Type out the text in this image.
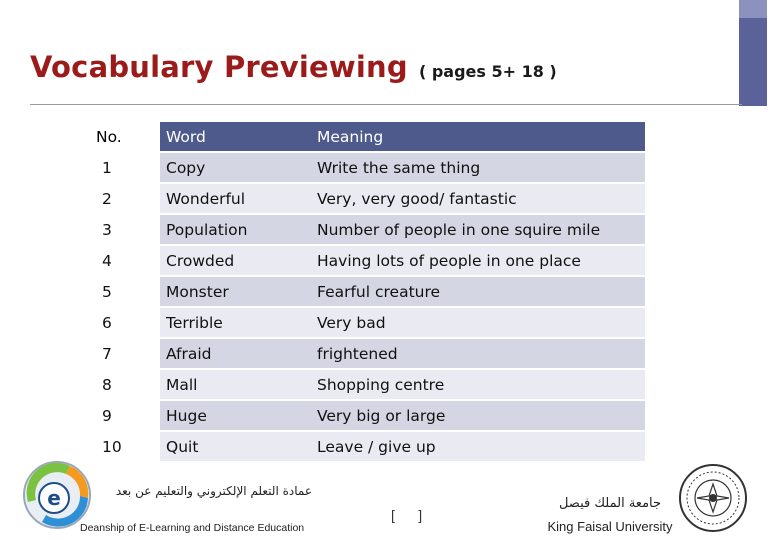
Vocabulary Previewing ( pages 5+ 18 )
No.	Word	Meaning
1	Copy	Write the same thing
2	Wonderful	Very, very good/ fantastic
3	Population	Number of people in one squire mile
4	Crowded	Having lots of people in one place
5	Monster	Fearful creature
6	Terrible	Very bad
7	Afraid	frightened
8	Mall	Shopping centre
9	Huge	Very big or large
10	Quit	Leave / give up
e	عمادة التعلم الإلكتروني والتعليم عن بعد
Deanship of E-Learning and Distance Education
[      ]
جامعة الملك فيصل
King Faisal University
